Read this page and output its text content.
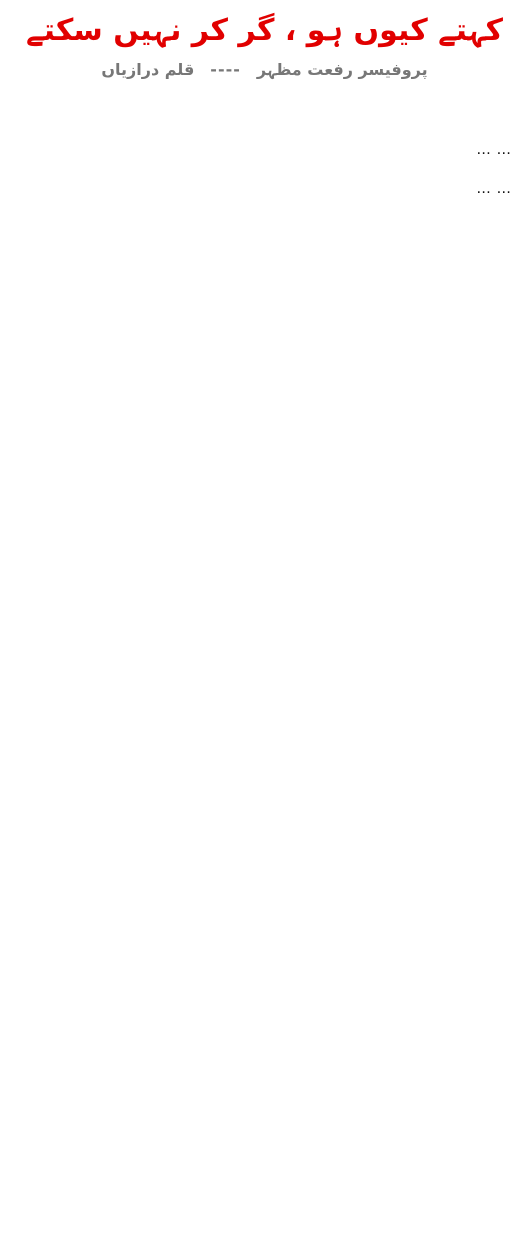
کہتے کیوں ہو ، گر کر نہیں سکتے
پروفیسر رفعت مظہر
----
قلم درازیاں

… …

… …
